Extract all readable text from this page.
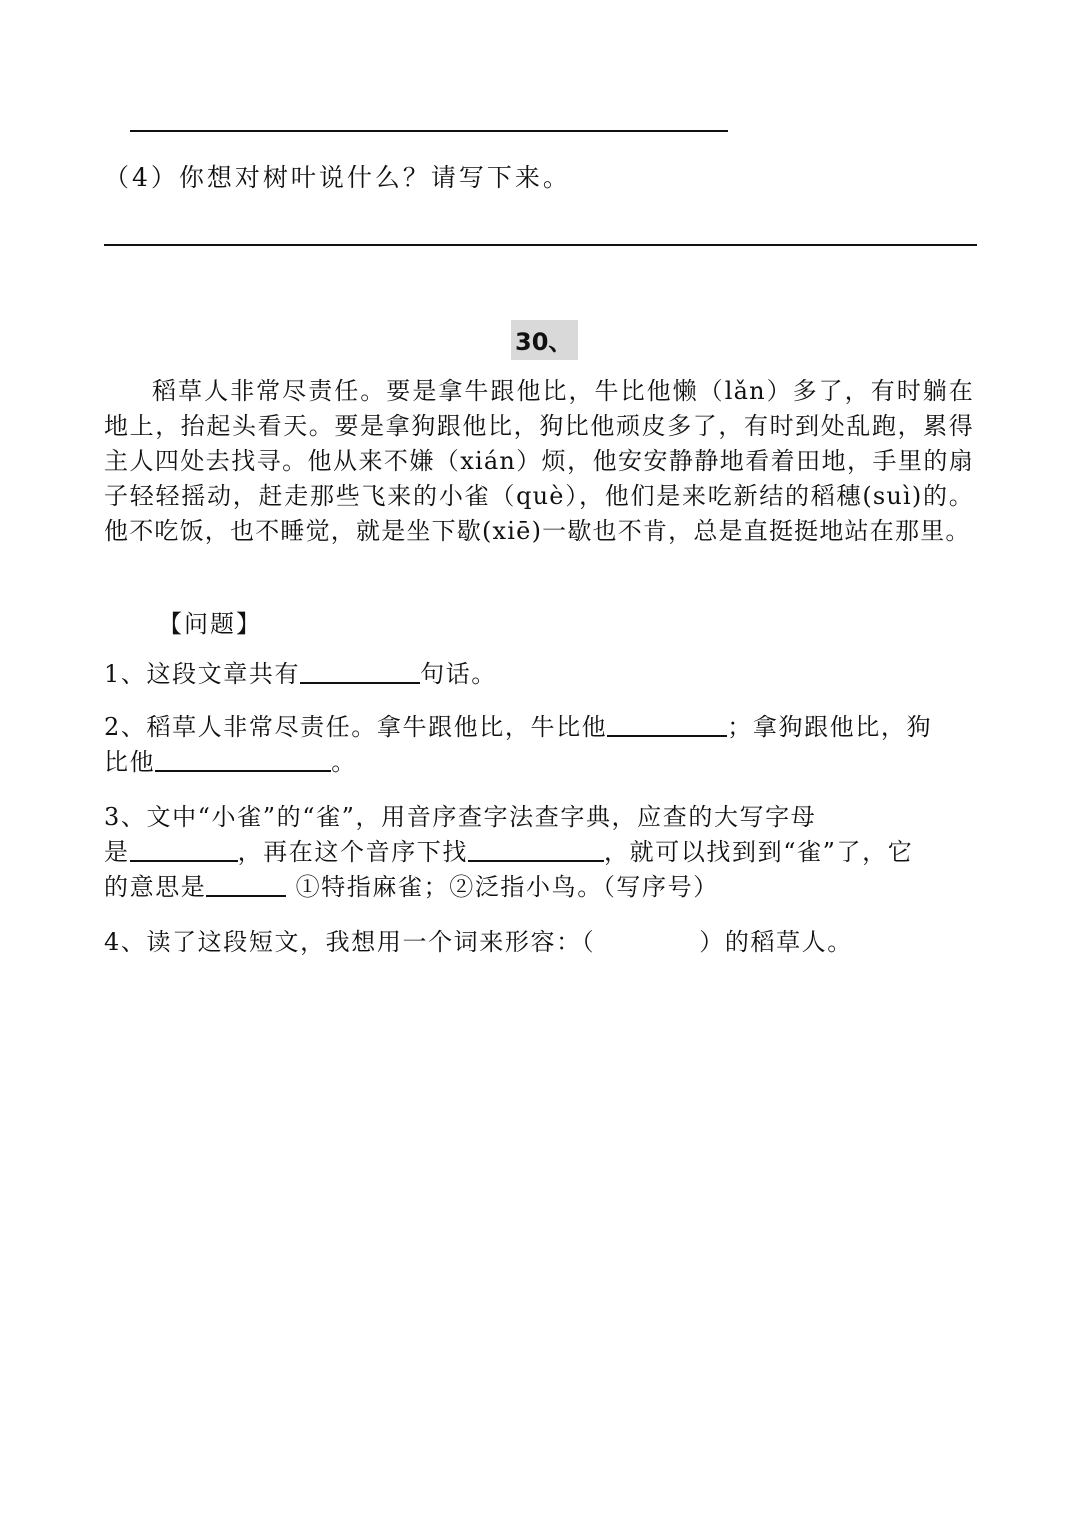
（4）你想对树叶说什么？请写下来。
30、
稻草人非常尽责任。要是拿牛跟他比，牛比他懒（lǎn）多了，有时躺在地上，抬起头看天。要是拿狗跟他比，狗比他顽皮多了，有时到处乱跑，累得主人四处去找寻。他从来不嫌（xián）烦，他安安静静地看着田地，手里的扇子轻轻摇动，赶走那些飞来的小雀（què），他们是来吃新结的稻穗(suì)的。他不吃饭，也不睡觉，就是坐下歇(xiē)一歇也不肯，总是直挺挺地站在那里。
【问题】
1、这段文章共有	句话。
2、稻草人非常尽责任。拿牛跟他比，牛比他	；拿狗跟他比，狗
比他	。
3、文中“小雀”的“雀”，用音序查字法查字典，应查的大写字母
是	，再在这个音序下找	，就可以找到到“雀”了，它
的意思是	①特指麻雀；②泛指小鸟。（写序号）
4、读了这段短文，我想用一个词来形容：（	）的稻草人。
